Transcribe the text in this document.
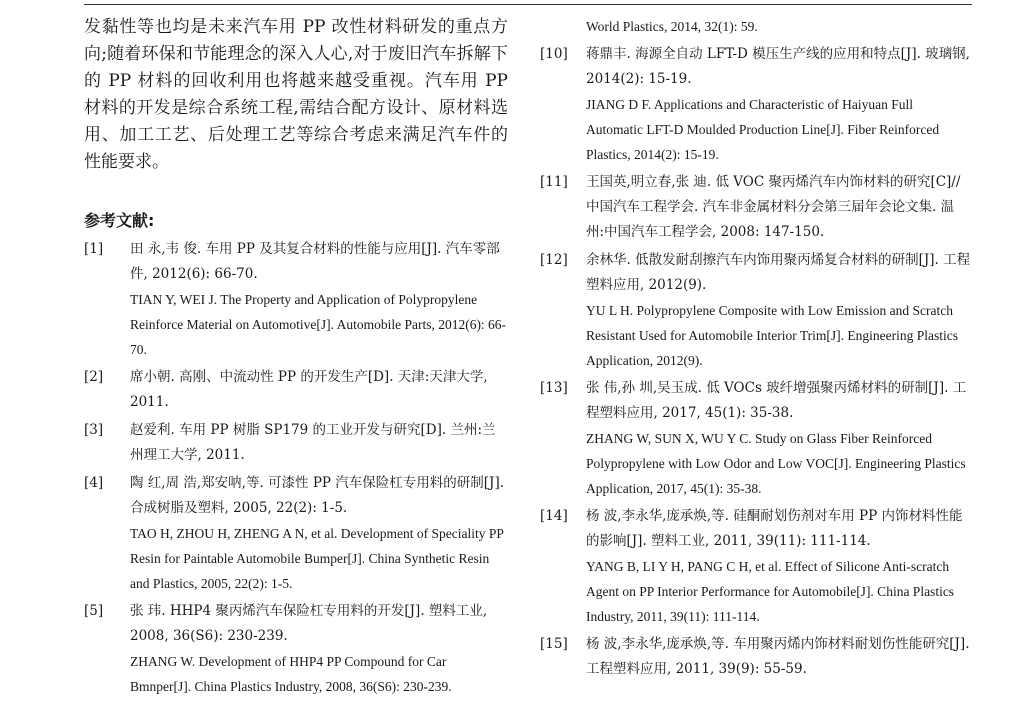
发黏性等也均是未来汽车用 PP 改性材料研发的重点方向;随着环保和节能理念的深入人心,对于废旧汽车拆解下的 PP 材料的回收利用也将越来越受重视。汽车用 PP 材料的开发是综合系统工程,需结合配方设计、原材料选用、加工工艺、后处理工艺等综合考虑来满足汽车件的性能要求。

参考文献:
[1]	田 永,韦 俊. 车用 PP 及其复合材料的性能与应用[J]. 汽车零部件, 2012(6): 66-70.

TIAN Y, WEI J. The Property and Application of Polypropylene Reinforce Material on Automotive[J]. Automobile Parts, 2012(6): 66-70.

[2]	席小朝. 高刚、中流动性 PP 的开发生产[D]. 天津:天津大学, 2011.

[3]	赵爱利. 车用 PP 树脂 SP179 的工业开发与研究[D]. 兰州:兰州理工大学, 2011.

[4]	陶 红,周 浩,郑安呐,等. 可漆性 PP 汽车保险杠专用料的研制[J]. 合成树脂及塑料, 2005, 22(2): 1-5.

TAO H, ZHOU H, ZHENG A N, et al. Development of Speciality PP Resin for Paintable Automobile Bumper[J]. China Synthetic Resin and Plastics, 2005, 22(2): 1-5.

[5]	张 玮. HHP4 聚丙烯汽车保险杠专用料的开发[J]. 塑料工业, 2008, 36(S6): 230-239.

ZHANG W. Development of HHP4 PP Compound for Car Bmnper[J]. China Plastics Industry, 2008, 36(S6): 230-239.

World Plastics, 2014, 32(1): 59.

[10]	蒋鼎丰. 海源全自动 LFT-D 模压生产线的应用和特点[J]. 玻璃钢, 2014(2): 15-19.

JIANG D F. Applications and Characteristic of Haiyuan Full Automatic LFT-D Moulded Production Line[J]. Fiber Reinforced Plastics, 2014(2): 15-19.

[11]	王国英,明立春,张 迪. 低 VOC 聚丙烯汽车内饰材料的研究[C]//中国汽车工程学会. 汽车非金属材料分会第三届年会论文集. 温州:中国汽车工程学会, 2008: 147-150.

[12]	余林华. 低散发耐刮擦汽车内饰用聚丙烯复合材料的研制[J]. 工程塑料应用, 2012(9).

YU L H. Polypropylene Composite with Low Emission and Scratch Resistant Used for Automobile Interior Trim[J]. Engineering Plastics Application, 2012(9).

[13]	张 伟,孙 圳,吴玉成. 低 VOCs 玻纤增强聚丙烯材料的研制[J]. 工程塑料应用, 2017, 45(1): 35-38.

ZHANG W, SUN X, WU Y C. Study on Glass Fiber Reinforced Polypropylene with Low Odor and Low VOC[J]. Engineering Plastics Application, 2017, 45(1): 35-38.

[14]	杨 波,李永华,庞承焕,等. 硅酮耐划伤剂对车用 PP 内饰材料性能的影响[J]. 塑料工业, 2011, 39(11): 111-114.

YANG B, LI Y H, PANG C H, et al. Effect of Silicone Anti-scratch Agent on PP Interior Performance for Automobile[J]. China Plastics Industry, 2011, 39(11): 111-114.

[15]	杨 波,李永华,庞承焕,等. 车用聚丙烯内饰材料耐划伤性能研究[J]. 工程塑料应用, 2011, 39(9): 55-59.
